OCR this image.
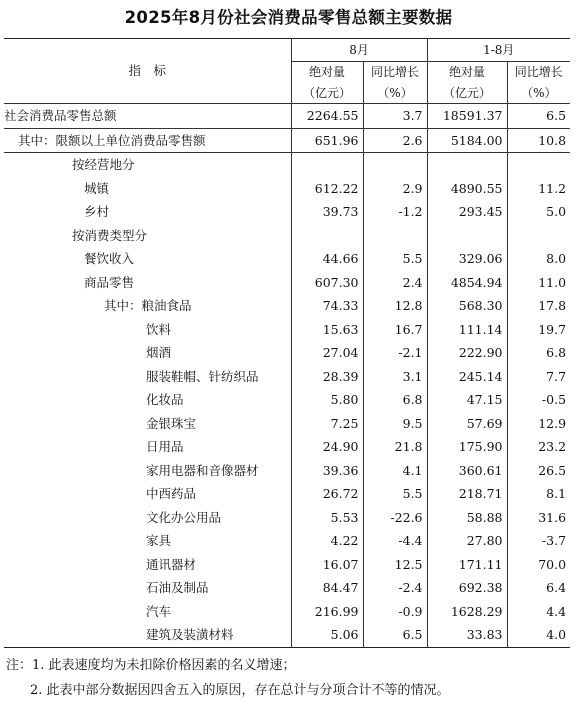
2025年8月份社会消费品零售总额主要数据
指　标	8月		1-8月	
	绝对量	同比增长	绝对量	同比增长
	（亿元）	（%）	（亿元）	（%）
社会消费品零售总额	2264.55	3.7	18591.37	6.5
其中：限额以上单位消费品零售额	651.96	2.6	5184.00	10.8
按经营地分				
城镇	612.22	2.9	4890.55	11.2
乡村	39.73	-1.2	293.45	5.0
按消费类型分				
餐饮收入	44.66	5.5	329.06	8.0
商品零售	607.30	2.4	4854.94	11.0
其中：粮油食品	74.33	12.8	568.30	17.8
饮料	15.63	16.7	111.14	19.7
烟酒	27.04	-2.1	222.90	6.8
服装鞋帽、针纺织品	28.39	3.1	245.14	7.7
化妆品	5.80	6.8	47.15	-0.5
金银珠宝	7.25	9.5	57.69	12.9
日用品	24.90	21.8	175.90	23.2
家用电器和音像器材	39.36	4.1	360.61	26.5
中西药品	26.72	5.5	218.71	8.1
文化办公用品	5.53	-22.6	58.88	31.6
家具	4.22	-4.4	27.80	-3.7
通讯器材	16.07	12.5	171.11	70.0
石油及制品	84.47	-2.4	692.38	6.4
汽车	216.99	-0.9	1628.29	4.4
建筑及装潢材料	5.06	6.5	33.83	4.0
注：1. 此表速度均为未扣除价格因素的名义增速；
2. 此表中部分数据因四舍五入的原因，存在总计与分项合计不等的情况。
